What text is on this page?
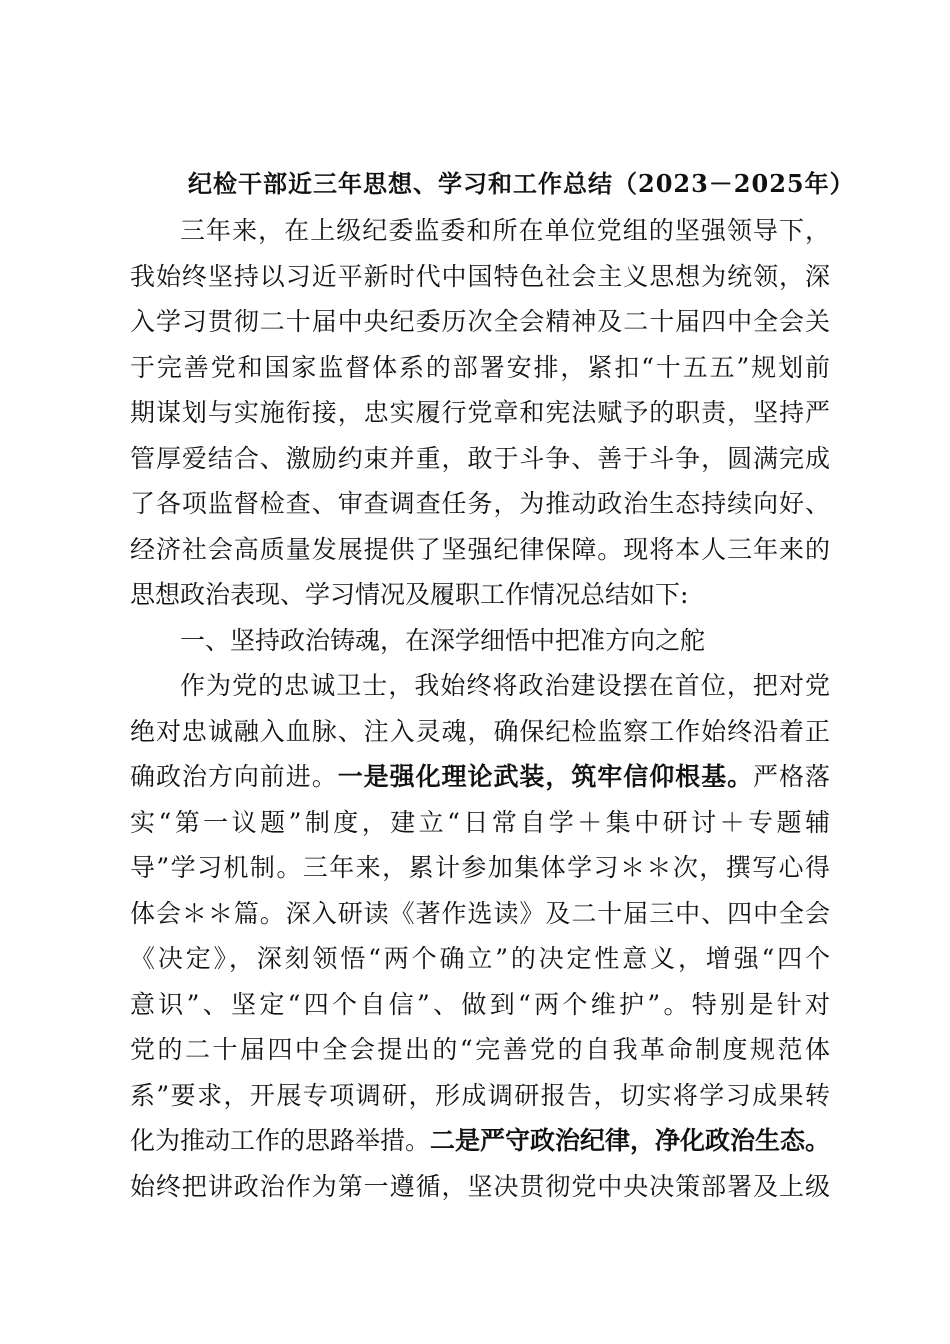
纪检干部近三年思想、学习和工作总结（2023－2025年）
三年来，在上级纪委监委和所在单位党组的坚强领导下，
我始终坚持以习近平新时代中国特色社会主义思想为统领，深
入学习贯彻二十届中央纪委历次全会精神及二十届四中全会关
于完善党和国家监督体系的部署安排，紧扣“十五五”规划前
期谋划与实施衔接，忠实履行党章和宪法赋予的职责，坚持严
管厚爱结合、激励约束并重，敢于斗争、善于斗争，圆满完成
了各项监督检查、审查调查任务，为推动政治生态持续向好、
经济社会高质量发展提供了坚强纪律保障。现将本人三年来的
思想政治表现、学习情况及履职工作情况总结如下:
一、坚持政治铸魂，在深学细悟中把准方向之舵
作为党的忠诚卫士，我始终将政治建设摆在首位，把对党
绝对忠诚融入血脉、注入灵魂，确保纪检监察工作始终沿着正
确政治方向前进。一是强化理论武装，筑牢信仰根基。严格落
实“第一议题”制度，建立“日常自学＋集中研讨＋专题辅
导”学习机制。三年来，累计参加集体学习＊＊次，撰写心得
体会＊＊篇。深入研读《著作选读》及二十届三中、四中全会
《决定》，深刻领悟“两个确立”的决定性意义，增强“四个
意识”、坚定“四个自信”、做到“两个维护”。特别是针对
党的二十届四中全会提出的“完善党的自我革命制度规范体
系”要求，开展专项调研，形成调研报告，切实将学习成果转
化为推动工作的思路举措。二是严守政治纪律，净化政治生态。
始终把讲政治作为第一遵循，坚决贯彻党中央决策部署及上级
